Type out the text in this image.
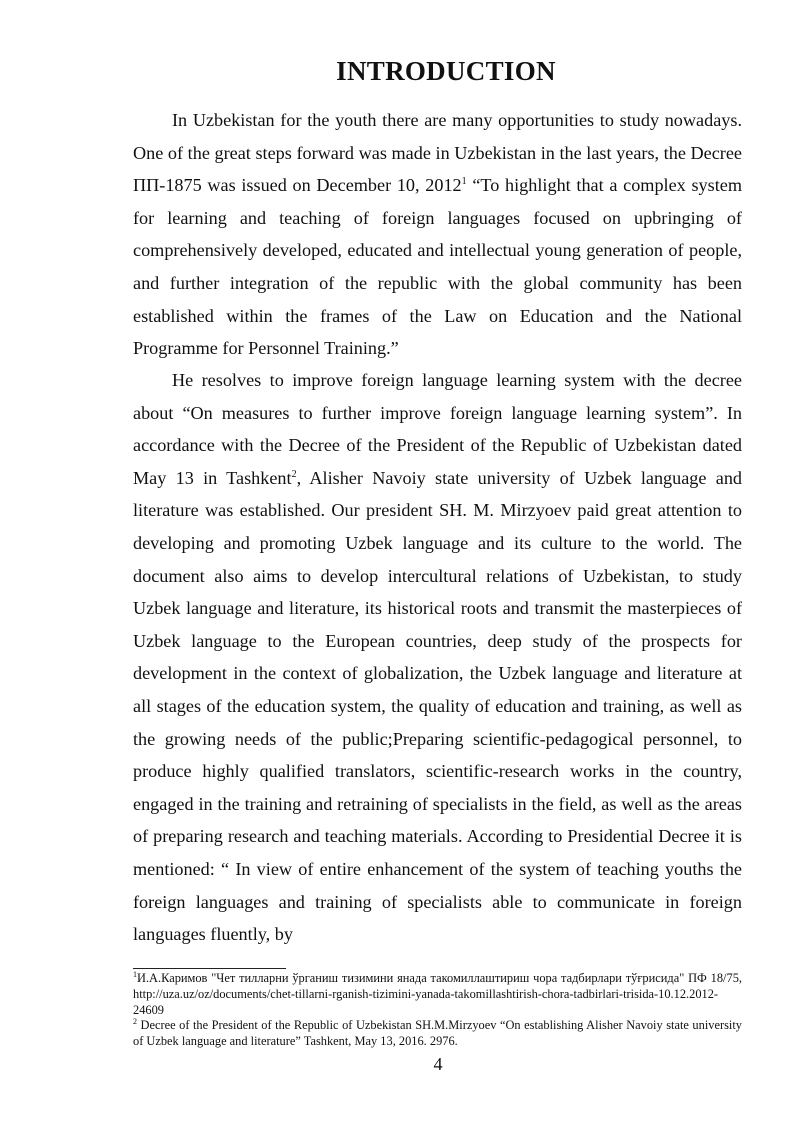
INTRODUCTION

In Uzbekistan for the youth there are many opportunities to study nowadays. One of the great steps forward was made in Uzbekistan in the last years, the Decree ПП-1875 was issued on December 10, 2012$^1$ “To highlight that a complex system for learning and teaching of foreign languages focused on upbringing of comprehensively developed, educated and intellectual young generation of people, and further integration of the republic with the global community has been established within the frames of the Law on Education and the National Programme for Personnel Training.”

He resolves to improve foreign language learning system with the decree about “On measures to further improve foreign language learning system”. In accordance with the Decree of the President of the Republic of Uzbekistan dated May 13 in Tashkent$^2$, Alisher Navoiy state university of Uzbek language and literature was established. Our president SH. M. Mirzyoev paid great attention to developing and promoting Uzbek language and its culture to the world. The document also aims to develop intercultural relations of Uzbekistan, to study Uzbek language and literature, its historical roots and transmit the masterpieces of Uzbek language to the European countries, deep study of the prospects for development in the context of globalization, the Uzbek language and literature at all stages of the education system, the quality of education and training, as well as the growing needs of the public;Preparing scientific-pedagogical personnel, to produce highly qualified translators, scientific-research works in the country, engaged in the training and retraining of specialists in the field, as well as the areas of preparing research and teaching materials. According to Presidential Decree it is mentioned: “ In view of entire enhancement of the system of teaching youths the foreign languages and training of specialists able to communicate in foreign languages fluently, by

$^1$И.А.Каримов "Чет тилларни ўрганиш тизимини янада такомиллаштириш чора тадбирлари тўғрисида" ПФ 18/75, http://uza.uz/oz/documents/chet-tillarni-rganish-tizimini-yanada-takomillashtirish-chora-tadbirlari-trisida-10.12.2012-24609

$^2$ Decree of the President of the Republic of Uzbekistan SH.M.Mirzyoev “On establishing Alisher Navoiy state university of Uzbek language and literature” Tashkent, May 13, 2016. 2976.

4
